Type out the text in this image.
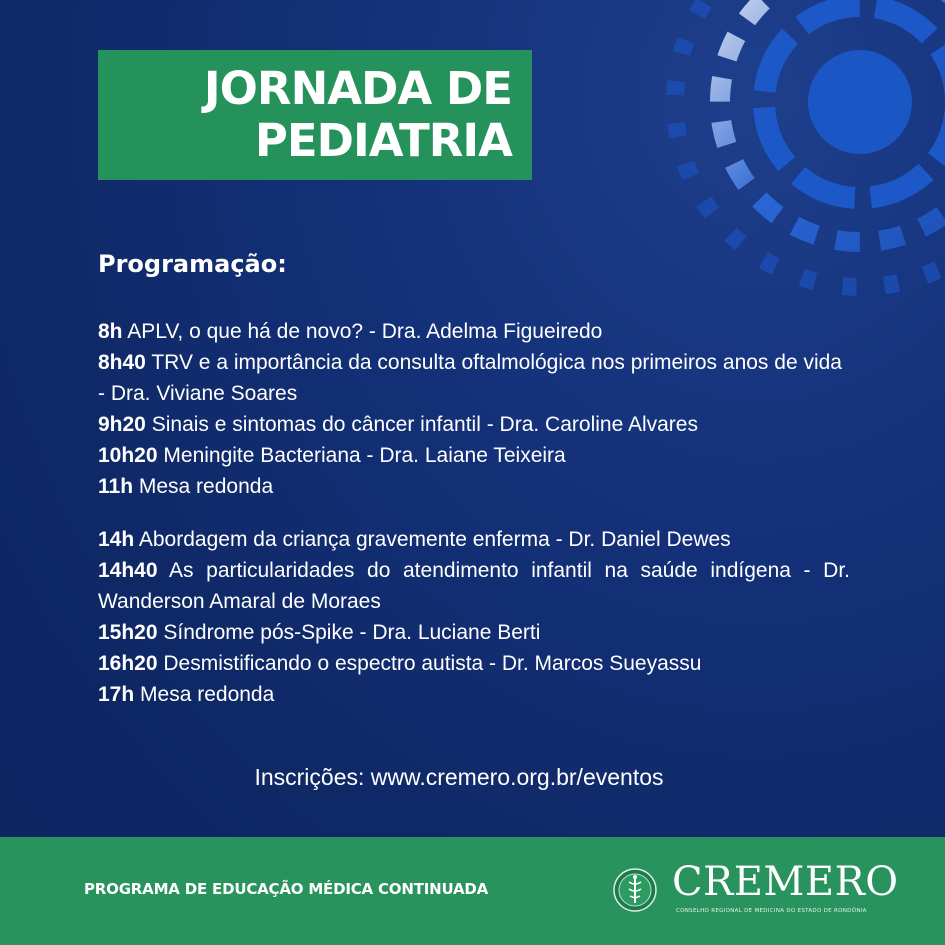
JORNADA DE
PEDIATRIA
Programação:

8h APLV, o que há de novo? - Dra. Adelma Figueiredo

8h40 TRV e a importância da consulta oftalmológica nos primeiros anos de vida - Dra. Viviane Soares

9h20 Sinais e sintomas do câncer infantil - Dra. Caroline Alvares

10h20 Meningite Bacteriana - Dra. Laiane Teixeira

11h Mesa redonda

14h Abordagem da criança gravemente enferma - Dr. Daniel Dewes

14h40 As particularidades do atendimento infantil na saúde indígena - Dr. Wanderson Amaral de Moraes

15h20 Síndrome pós-Spike - Dra. Luciane Berti

16h20 Desmistificando o espectro autista - Dr. Marcos Sueyassu

17h Mesa redonda

Inscrições: www.cremero.org.br/eventos
PROGRAMA DE EDUCAÇÃO MÉDICA CONTINUADA	CREMERO
CONSELHO REGIONAL DE MEDICINA DO ESTADO DE RONDÔNIA
